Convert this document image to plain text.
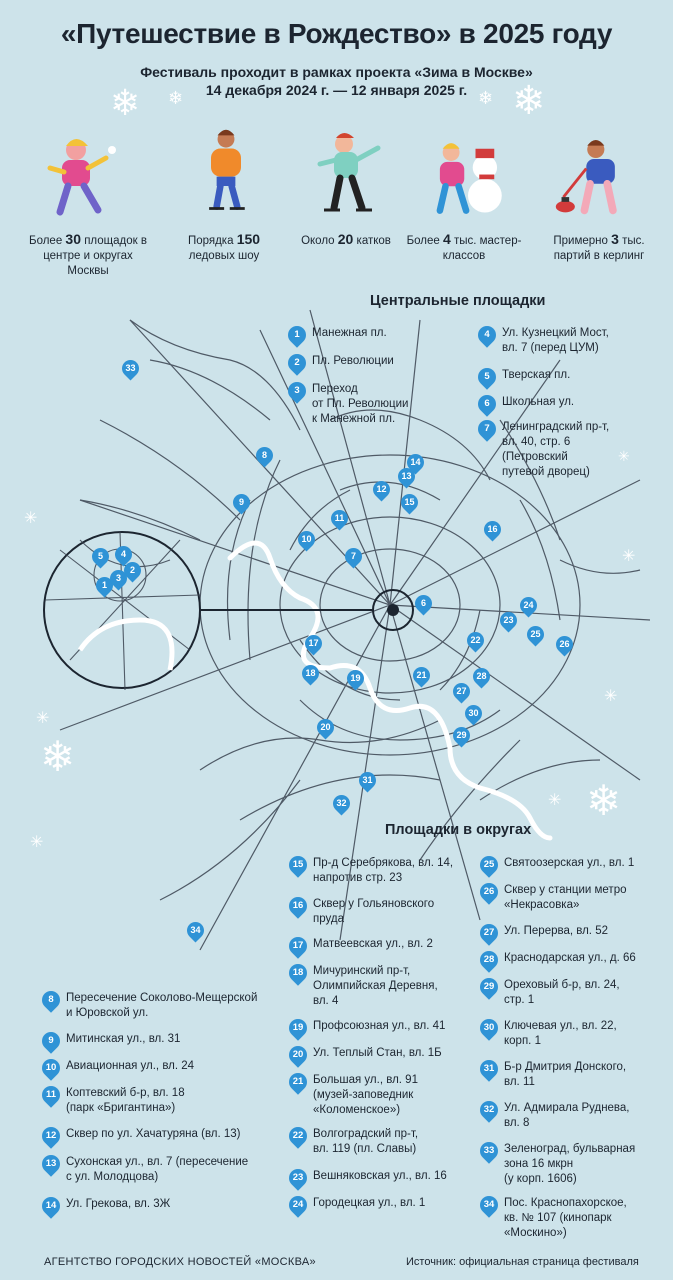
«Путешествие в Рождество» в 2025 году
Фестиваль проходит в рамках проекта «Зима в Москве»
14 декабря 2024 г. — 12 января 2025 г.
❄ ❄	❄ ❄
✳
✳
✳
✳
✳
❄
❄
✳
✳
Более 30 площадок в центре и округах Москвы
Порядка 150 ледовых шоу
Около 20 катков	Более 4 тыс. мастер-классов
Примерно 3 тыс. партий в керлинг
1
2
3
4
5
6
7
8
9
10
11
12
13
14
15
16
17
18	19
20
21
22
23
24
25
26
27
28
29
30
31
32
33
34
Центральные площадки
1	Манежная пл.
2	Пл. Революции
3	Переход
от Пл. Революции
к Манежной пл.
4	Ул. Кузнецкий Мост,
вл. 7 (перед ЦУМ)
5	Тверская пл.
6	Школьная ул.
7	Ленинградский пр-т,
вл. 40, стр. 6
(Петровский
путевой дворец)
Площадки в округах
8	Пересечение Соколово-Мещерской
и Юровской ул.
9	Митинская ул., вл. 31
10 Авиационная ул., вл. 24
11 Коптевский б-р, вл. 18
(парк «Бригантина»)
12 Сквер по ул. Хачатуряна (вл. 13)
13 Сухонская ул., вл. 7 (пересечение
с ул. Молодцова)
14 Ул. Грекова, вл. 3Ж
15 Пр-д Серебрякова, вл. 14,
напротив стр. 23
16 Сквер у Гольяновского
пруда
17 Матвеевская ул., вл. 2
18 Мичуринский пр-т,
Олимпийская Деревня,
вл. 4
19 Профсоюзная ул., вл. 41
20 Ул. Теплый Стан, вл. 1Б
21 Большая ул., вл. 91
(музей-заповедник
«Коломенское»)
22 Волгоградский пр-т,
вл. 119 (пл. Славы)
23 Вешняковская ул., вл. 16
24 Городецкая ул., вл. 1
25 Святоозерская ул., вл. 1
26 Сквер у станции метро
«Некрасовка»
27 Ул. Перерва, вл. 52
28 Краснодарская ул., д. 66
29 Ореховый б-р, вл. 24,
стр. 1
30 Ключевая ул., вл. 22,
корп. 1
31 Б-р Дмитрия Донского,
вл. 11
32 Ул. Адмирала Руднева,
вл. 8
33 Зеленоград, бульварная
зона 16 мкрн
(у корп. 1606)
34 Пос. Краснопахорское,
кв. № 107 (кинопарк
«Москино»)
АГЕНТСТВО ГОРОДСКИХ НОВОСТЕЙ «МОСКВА»	Источник: официальная страница фестиваля
